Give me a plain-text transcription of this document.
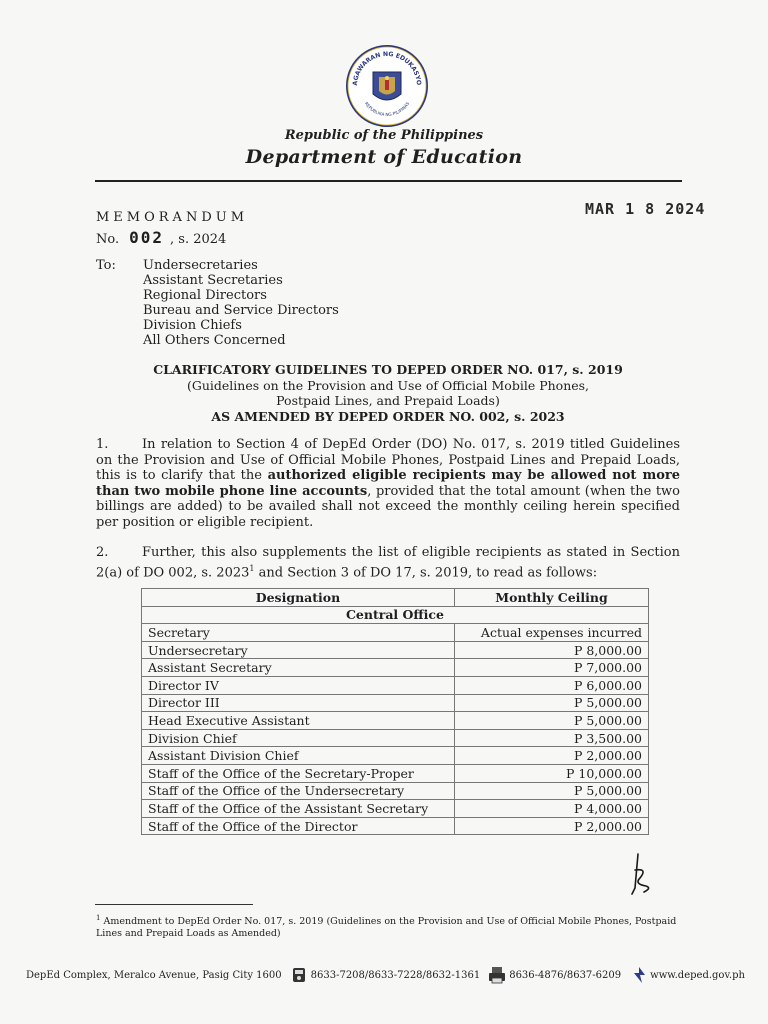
AGAWARAN NG EDUKASYO
REPUBLIKA NG PILIPINAS
Republic of the Philippines
Department of Education
MAR 1 8 2024
MEMORANDUM
No. 002 , s. 2024
To: Undersecretaries
Assistant Secretaries
Regional Directors
Bureau and Service Directors
Division Chiefs
All Others Concerned
CLARIFICATORY GUIDELINES TO DEPED ORDER NO. 017, s. 2019
(Guidelines on the Provision and Use of Official Mobile Phones,
Postpaid Lines, and Prepaid Loads)
AS AMENDED BY DEPED ORDER NO. 002, s. 2023
1.	In relation to Section 4 of DepEd Order (DO) No. 017, s. 2019 titled Guidelines on the Provision and Use of Official Mobile Phones, Postpaid Lines and Prepaid Loads, this is to clarify that the authorized eligible recipients may be allowed not more than two mobile phone line accounts, provided that the total amount (when the two billings are added) to be availed shall not exceed the monthly ceiling herein specified per position or eligible recipient.
2.	Further, this also supplements the list of eligible recipients as stated in Section 2(a) of DO 002, s. 2023$^1$ and Section 3 of DO 17, s. 2019, to read as follows:
Designation	Monthly Ceiling
Central Office	
Secretary	Actual expenses incurred
Undersecretary	P 8,000.00
Assistant Secretary	P 7,000.00
Director IV	P 6,000.00
Director III	P 5,000.00
Head Executive Assistant	P 5,000.00
Division Chief	P 3,500.00
Assistant Division Chief	P 2,000.00
Staff of the Office of the Secretary-Proper	P 10,000.00
Staff of the Office of the Undersecretary	P 5,000.00
Staff of the Office of the Assistant Secretary	P 4,000.00
Staff of the Office of the Director	P 2,000.00
$^1$ Amendment to DepEd Order No. 017, s. 2019 (Guidelines on the Provision and Use of Official Mobile Phones, Postpaid Lines and Prepaid Loads as Amended)
DepEd Complex, Meralco Avenue, Pasig City 1600	8633-7208/8633-7228/8632-1361	8636-4876/8637-6209	www.deped.gov.ph
